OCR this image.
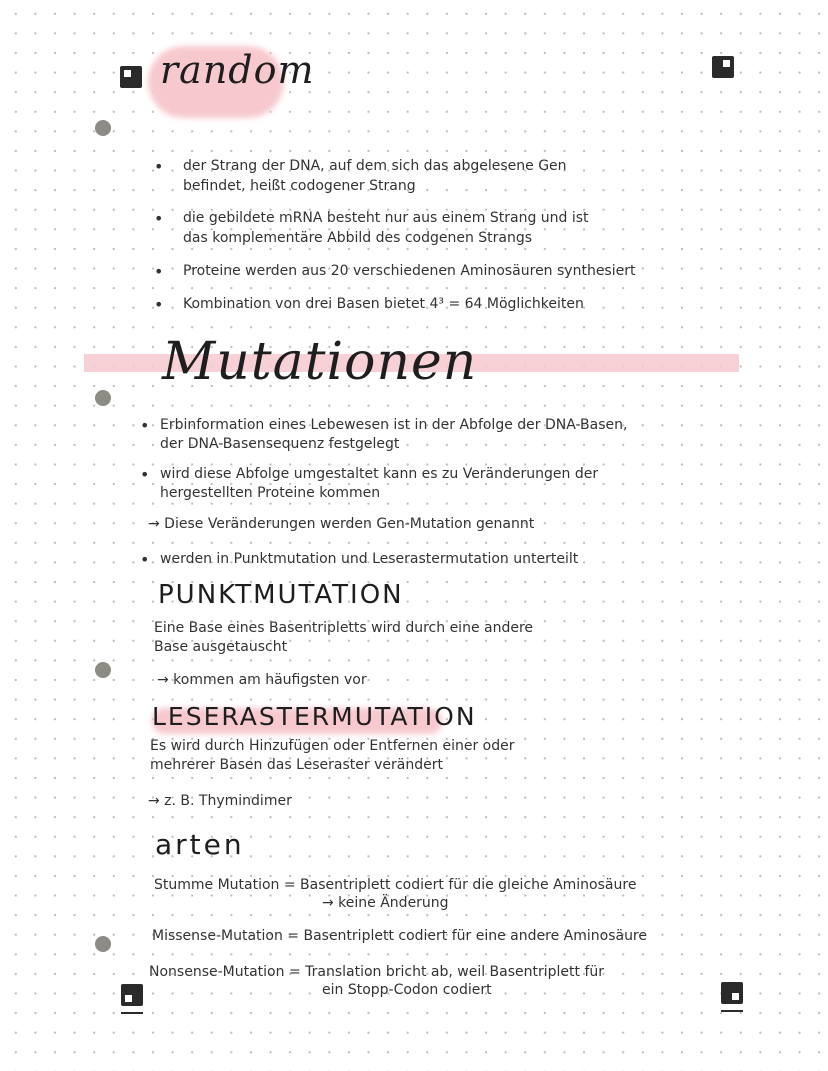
random
• der Strang der DNA, auf dem sich das abgelesene Gen
befindet, heißt codogener Strang
• die gebildete mRNA besteht nur aus einem Strang und ist
das komplementäre Abbild des codgenen Strangs
• Proteine werden aus 20 verschiedenen Aminosäuren synthesiert
• Kombination von drei Basen bietet 4³ = 64 Möglichkeiten
Mutationen
• Erbinformation eines Lebewesen ist in der Abfolge der DNA-Basen,
der DNA-Basensequenz festgelegt
• wird diese Abfolge umgestaltet kann es zu Veränderungen der
hergestellten Proteine kommen
→ Diese Veränderungen werden Gen-Mutation genannt
• werden in Punktmutation und Leserastermutation unterteilt
PUNKTMUTATION
Eine Base eines Basentripletts wird durch eine andere
Base ausgetauscht
→ kommen am häufigsten vor
LESERASTERMUTATION
Es wird durch Hinzufügen oder Entfernen einer oder
mehrerer Basen das Leseraster verändert
→ z. B. Thymindimer
arten
Stumme Mutation = Basentriplett codiert für die gleiche Aminosäure
→ keine Änderung
Missense-Mutation = Basentriplett codiert für eine andere Aminosäure
Nonsense-Mutation = Translation bricht ab, weil Basentriplett für
ein Stopp-Codon codiert
